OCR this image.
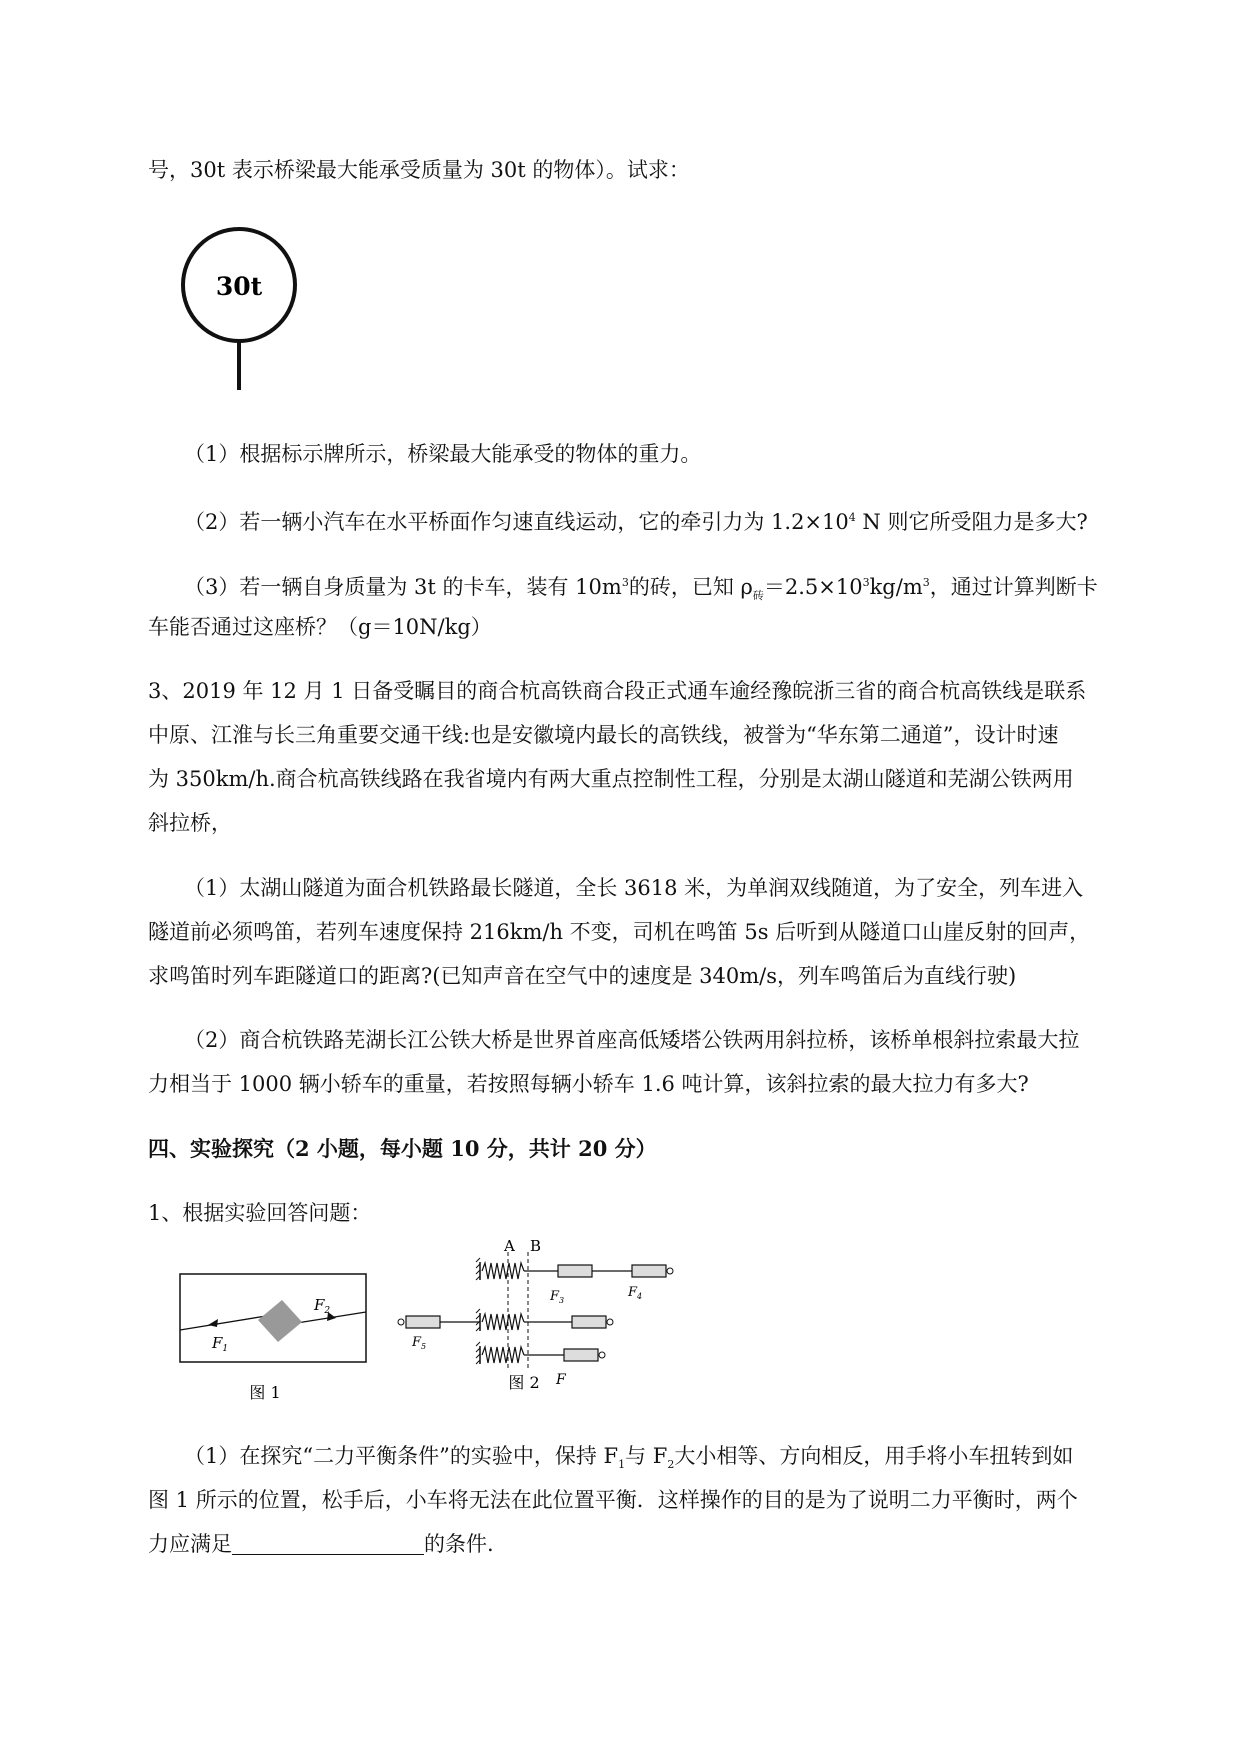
号，30t 表示桥梁最大能承受质量为 30t 的物体）。试求：

30t

（1）根据标示牌所示，桥梁最大能承受的物体的重力。

（2）若一辆小汽车在水平桥面作匀速直线运动，它的牵引力为 $1.2\times 10^4$ N 则它所受阻力是多大?

（3）若一辆自身质量为 3t 的卡车，装有 $10m^3$的砖，已知 $\rho_砖=2.5\times 10^3kg/m^3$，通过计算判断卡

车能否通过这座桥？（g＝10N/kg）

3、2019 年 12 月 1 日备受瞩目的商合杭高铁商合段正式通车逾经豫皖浙三省的商合杭高铁线是联系

中原、江淮与长三角重要交通干线:也是安徽境内最长的高铁线，被誉为“华东第二通道”，设计时速

为 350km/h.商合杭高铁线路在我省境内有两大重点控制性工程，分别是太湖山隧道和芜湖公铁两用

斜拉桥，

（1）太湖山隧道为面合机铁路最长隧道，全长 3618 米，为单润双线随道，为了安全，列车进入

隧道前必须鸣笛，若列车速度保持 216km/h 不变，司机在鸣笛 5s 后听到从隧道口山崖反射的回声，

求鸣笛时列车距隧道口的距离?(已知声音在空气中的速度是 340m/s，列车鸣笛后为直线行驶)

（2）商合杭铁路芜湖长江公铁大桥是世界首座高低矮塔公铁两用斜拉桥，该桥单根斜拉索最大拉

力相当于 1000 辆小轿车的重量，若按照每辆小轿车 1.6 吨计算，该斜拉索的最大拉力有多大?

四、实验探究（2 小题，每小题 10 分，共计 20 分）

1、根据实验回答问题：

$F_1$
$F_2$
图 1
A B
$F_3$
$F_4$
$F_5$
F
图 2

（1）在探究“二力平衡条件”的实验中，保持 $F_1$与 $F_2$大小相等、方向相反，用手将小车扭转到如

图 1 所示的位置，松手后，小车将无法在此位置平衡．这样操作的目的是为了说明二力平衡时，两个

力应满足	的条件.
